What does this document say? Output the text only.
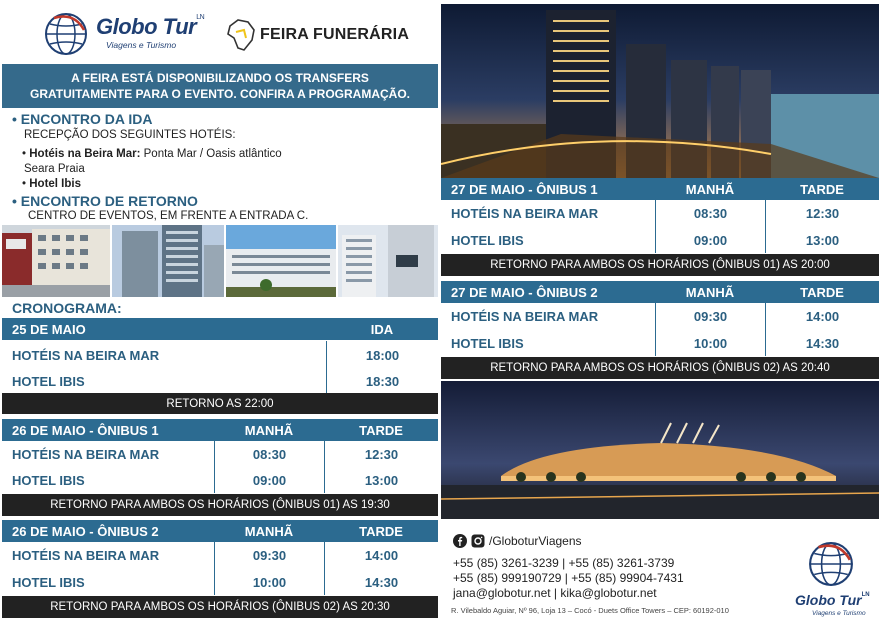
Globo Tur$^{LN}$
Viagens e Turismo
FEIRA FUNERÁRIA
A FEIRA ESTÁ DISPONIBILIZANDO OS TRANSFERS
GRATUITAMENTE PARA O EVENTO. CONFIRA A PROGRAMAÇÃO.
• ENCONTRO DA IDA
RECEPÇÃO DOS SEGUINTES HOTÉIS:
• Hotéis na Beira Mar: Ponta Mar / Oasis atlântico
Seara Praia
• Hotel Ibis
• ENCONTRO DE RETORNO
CENTRO DE EVENTOS, EM FRENTE A ENTRADA C.
CRONOGRAMA:
25 DE MAIO	IDA
HOTÉIS NA BEIRA MAR	18:00
HOTEL IBIS	18:30
RETORNO AS 22:00
26 DE MAIO - ÔNIBUS 1	MANHÃ	TARDE
HOTÉIS NA BEIRA MAR	08:30	12:30
HOTEL IBIS	09:00	13:00
RETORNO PARA AMBOS OS HORÁRIOS (ÔNIBUS 01) AS 19:30
26 DE MAIO - ÔNIBUS 2	MANHÃ	TARDE
HOTÉIS NA BEIRA MAR	09:30	14:00
HOTEL IBIS	10:00	14:30
RETORNO PARA AMBOS OS HORÁRIOS (ÔNIBUS 02) AS 20:30
27 DE MAIO - ÔNIBUS 1	MANHÃ	TARDE
HOTÉIS NA BEIRA MAR	08:30	12:30
HOTEL IBIS	09:00	13:00
RETORNO PARA AMBOS OS HORÁRIOS (ÔNIBUS 01) AS 20:00
27 DE MAIO - ÔNIBUS 2	MANHÃ	TARDE
HOTÉIS NA BEIRA MAR	09:30	14:00
HOTEL IBIS	10:00	14:30
RETORNO PARA AMBOS OS HORÁRIOS (ÔNIBUS 02) AS 20:40
/GloboturViagens
+55 (85) 3261-3239 | +55 (85) 3261-3739
+55 (85) 999190729 | +55 (85) 99904-7431
jana@globotur.net | kika@globotur.net
R. Vilebaldo Aguiar, Nº 96, Loja 13 – Cocó - Duets Office Towers – CEP: 60192-010
Globo Tur$^{LN}$
Viagens e Turismo
